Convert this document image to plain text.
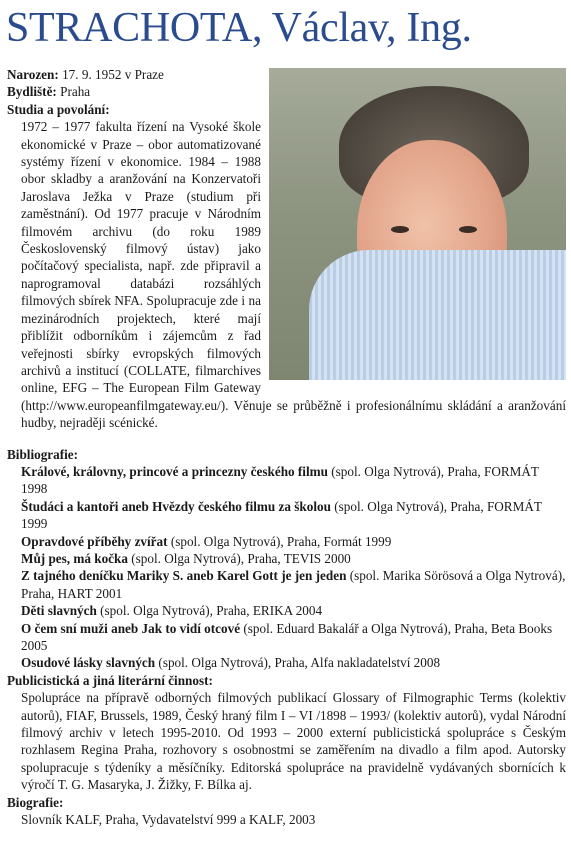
STRACHOTA, Václav, Ing.

Narozen: 17. 9. 1952 v Praze

Bydliště: Praha

Studia a povolání:

1972 – 1977 fakulta řízení na Vysoké škole ekonomické v Praze – obor automatizované systémy řízení v ekonomice. 1984 – 1988 obor skladby a aranžování na Konzervatoři Jaroslava Ježka v Praze (studium při zaměstnání). Od 1977 pracuje v Národním filmovém archivu (do roku 1989 Československý filmový ústav) jako počítačový specialista, např. zde připravil a naprogramoval databázi rozsáhlých filmových sbírek NFA. Spolupracuje zde i na mezinárodních projektech, které mají přiblížit odborníkům i zájemcům z řad veřejnosti sbírky evropských filmových archivů a institucí (COLLATE, filmarchives online, EFG – The European Film Gateway (http://www.europeanfilmgateway.eu/). Věnuje se průběžně i profesionálnímu skládání a aranžování hudby, nejraději scénické.

Bibliografie:

Králové, královny, princové a princezny českého filmu (spol. Olga Nytrová), Praha, FORMÁT 1998
Študáci a kantoři aneb Hvězdy českého filmu za školou (spol. Olga Nytrová), Praha, FORMÁT 1999
Opravdové příběhy zvířat (spol. Olga Nytrová), Praha, Formát 1999
Můj pes, má kočka (spol. Olga Nytrová), Praha, TEVIS 2000
Z tajného deníčku Mariky S. aneb Karel Gott je jen jeden (spol. Marika Sörösová a Olga Nytrová), Praha, HART 2001
Děti slavných (spol. Olga Nytrová), Praha, ERIKA 2004
O čem sní muži aneb Jak to vidí otcové (spol. Eduard Bakalář a Olga Nytrová), Praha, Beta Books 2005
Osudové lásky slavných (spol. Olga Nytrová), Praha, Alfa nakladatelství 2008

Publicistická a jiná literární činnost:

Spolupráce na přípravě odborných filmových publikací Glossary of Filmographic Terms (kolektiv autorů), FIAF, Brussels, 1989, Český hraný film I – VI /1898 – 1993/ (kolektiv autorů), vydal Národní filmový archiv v letech 1995-2010. Od 1993 – 2000 externí publicistická spolupráce s Českým rozhlasem Regina Praha, rozhovory s osobnostmi se zaměřením na divadlo a film apod. Autorsky spolupracuje s týdeníky a měsíčníky. Editorská spolupráce na pravidelně vydávaných sbornících k výročí T. G. Masaryka, J. Žižky, F. Bílka aj.

Biografie:

Slovník KALF, Praha, Vydavatelství 999 a KALF, 2003
